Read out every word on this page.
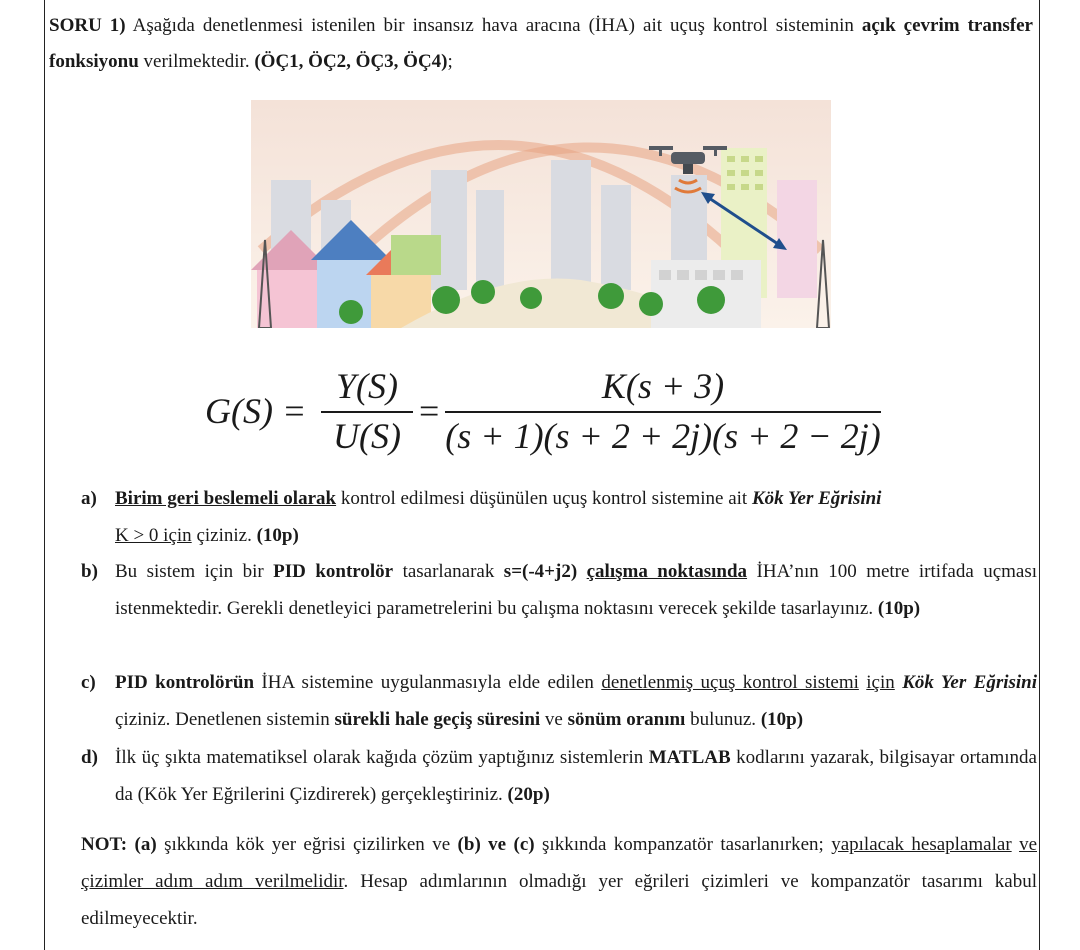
SORU 1) Aşağıda denetlenmesi istenilen bir insansız hava aracına (İHA) ait uçuş kontrol sisteminin açık çevrim transfer fonksiyonu verilmektedir. (ÖÇ1, ÖÇ2, ÖÇ3, ÖÇ4);
G(S) =
Y(S)
U(S)
=
K(s + 3)
(s + 1)(s + 2 + 2j)(s + 2 − 2j)
a) Birim geri beslemeli olarak kontrol edilmesi düşünülen uçuş kontrol sistemine ait Kök Yer Eğrisini
K > 0 için çiziniz. (10p)
b) Bu sistem için bir PID kontrolör tasarlanarak s=(-4+j2) çalışma noktasında İHA’nın 100 metre irtifada uçması istenmektedir. Gerekli denetleyici parametrelerini bu çalışma noktasını verecek şekilde tasarlayınız. (10p)
c) PID kontrolörün İHA sistemine uygulanmasıyla elde edilen denetlenmiş uçuş kontrol sistemi için Kök Yer Eğrisini çiziniz. Denetlenen sistemin sürekli hale geçiş süresini ve sönüm oranını bulunuz. (10p)
d) İlk üç şıkta matematiksel olarak kağıda çözüm yaptığınız sistemlerin MATLAB kodlarını yazarak, bilgisayar ortamında da (Kök Yer Eğrilerini Çizdirerek) gerçekleştiriniz. (20p)
NOT: (a) şıkkında kök yer eğrisi çizilirken ve (b) ve (c) şıkkında kompanzatör tasarlanırken; yapılacak hesaplamalar ve çizimler adım adım verilmelidir. Hesap adımlarının olmadığı yer eğrileri çizimleri ve kompanzatör tasarımı kabul edilmeyecektir.
